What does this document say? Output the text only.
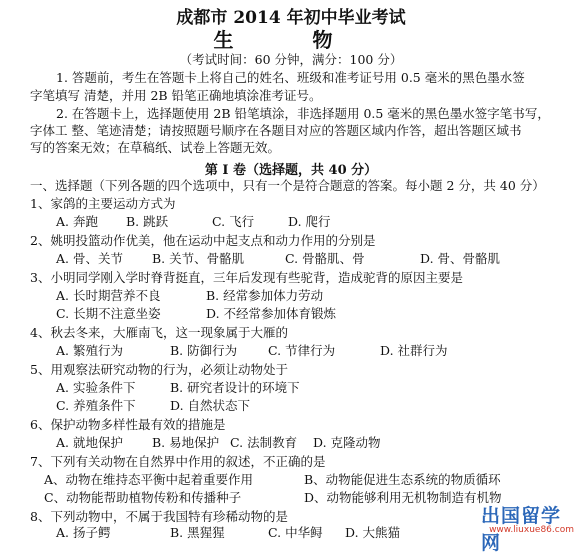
成都市 2014 年初中毕业考试
生 物
（考试时间：60 分钟，满分：100 分）
1. 答题前，考生在答题卡上将自己的姓名、班级和准考证号用 0.5 毫米的黑色墨水签
字笔填写 清楚，并用 2B 铅笔正确地填涂准考证号。
2. 在答题卡上，选择题使用 2B 铅笔填涂，非选择题用 0.5 毫米的黑色墨水签字笔书写，
字体工 整、笔迹清楚；请按照题号顺序在各题目对应的答题区域内作答，超出答题区域书
写的答案无效；在草稿纸、试卷上答题无效。
第 Ⅰ 卷（选择题，共 40 分）
一、选择题（下列各题的四个选项中，只有一个是符合题意的答案。每小题 2 分，共 40 分）
1、家鸽的主要运动方式为
A. 奔跑 B. 跳跃	C. 飞行	D. 爬行
2、姚明投篮动作优美，他在运动中起支点和动力作用的分别是
A. 骨、关节 B. 关节、骨骼肌	C. 骨骼肌、骨	D. 骨、骨骼肌
3、小明同学刚入学时脊背挺直，三年后发现有些驼背，造成驼背的原因主要是
A. 长时期营养不良	B. 经常参加体力劳动
C. 长期不注意坐姿	D. 不经常参加体育锻炼
4、秋去冬来，大雁南飞，这一现象属于大雁的
A. 繁殖行为	B. 防御行为 C. 节律行为	D. 社群行为
5、用观察法研究动物的行为，必须让动物处于
A. 实验条件下	B. 研究者设计的环境下
C. 养殖条件下	D. 自然状态下
6、保护动物多样性最有效的措施是
A. 就地保护 B. 易地保护 C. 法制教育 D. 克隆动物
7、下列有关动物在自然界中作用的叙述，不正确的是
A、动物在维持态平衡中起着重要作用	B、动物能促进生态系统的物质循环
C、动物能帮助植物传粉和传播种子	D、动物能够利用无机物制造有机物
8、下列动物中，不属于我国特有珍稀动物的是
A. 扬子鳄	B. 黑猩猩	C. 中华鲟 D. 大熊猫
出国留学网
www.liuxue86.com
